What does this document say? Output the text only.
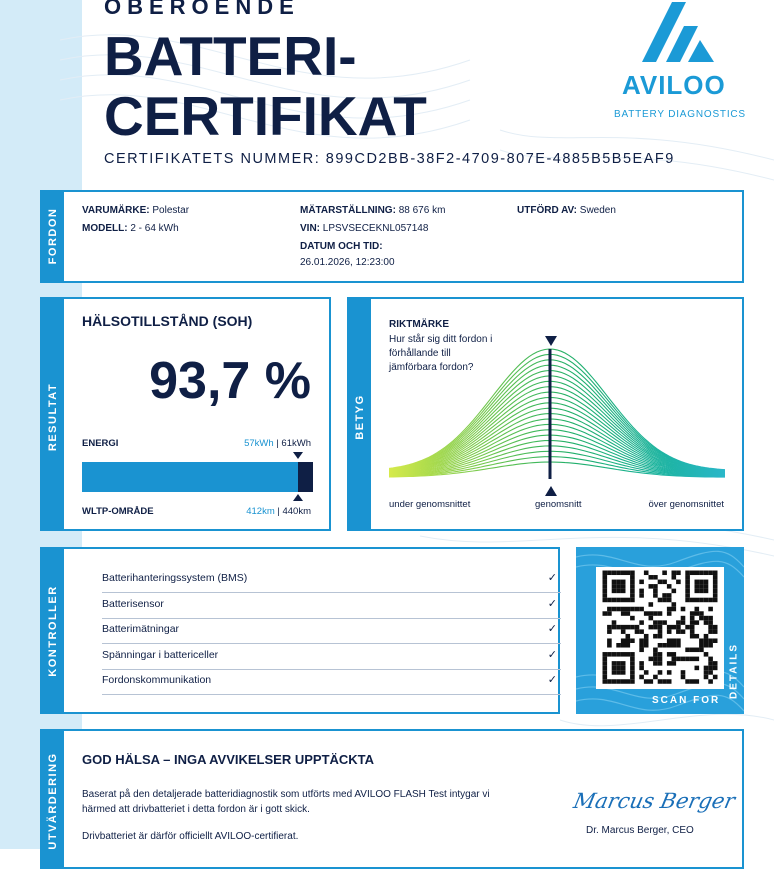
OBEROENDE
BATTERI-
CERTIFIKAT
CERTIFIKATETS NUMMER: 899CD2BB-38F2-4709-807E-4885B5B5EAF9
AVILOO
BATTERY DIAGNOSTICS
FORDON VARUMÄRKE: Polestar
MODELL: 2 - 64 kWh
MÄTARSTÄLLNING: 88 676 km
VIN: LPSVSECEKNL057148
DATUM OCH TID:
26.01.2026, 12:23:00
UTFÖRD AV: Sweden
RESULTAT
HÄLSOTILLSTÅND (SOH)
93,7 %
ENERGI	57kWh | 61kWh
WLTP-OMRÅDE	412km | 440km
BETYG
RIKTMÄRKE
Hur står sig ditt fordon i
förhållande till
jämförbara fordon?
under genomsnittet	genomsnitt	över genomsnittet
KONTROLLER
Batterihanteringssystem (BMS)	✓
Batterisensor	✓
Batterimätningar	✓
Spänningar i battericeller	✓
Fordonskommunikation	✓	DETAILS
SCAN FOR
UTVÄRDERING GOD HÄLSA – INGA AVVIKELSER UPPTÄCKTA
Baserat på den detaljerade batteridiagnostik som utförts med AVILOO FLASH Test intygar vi
härmed att drivbatteriet i detta fordon är i gott skick.
Drivbatteriet är därför officiellt AVILOO-certifierat.
Marcus Berger
Dr. Marcus Berger, CEO
